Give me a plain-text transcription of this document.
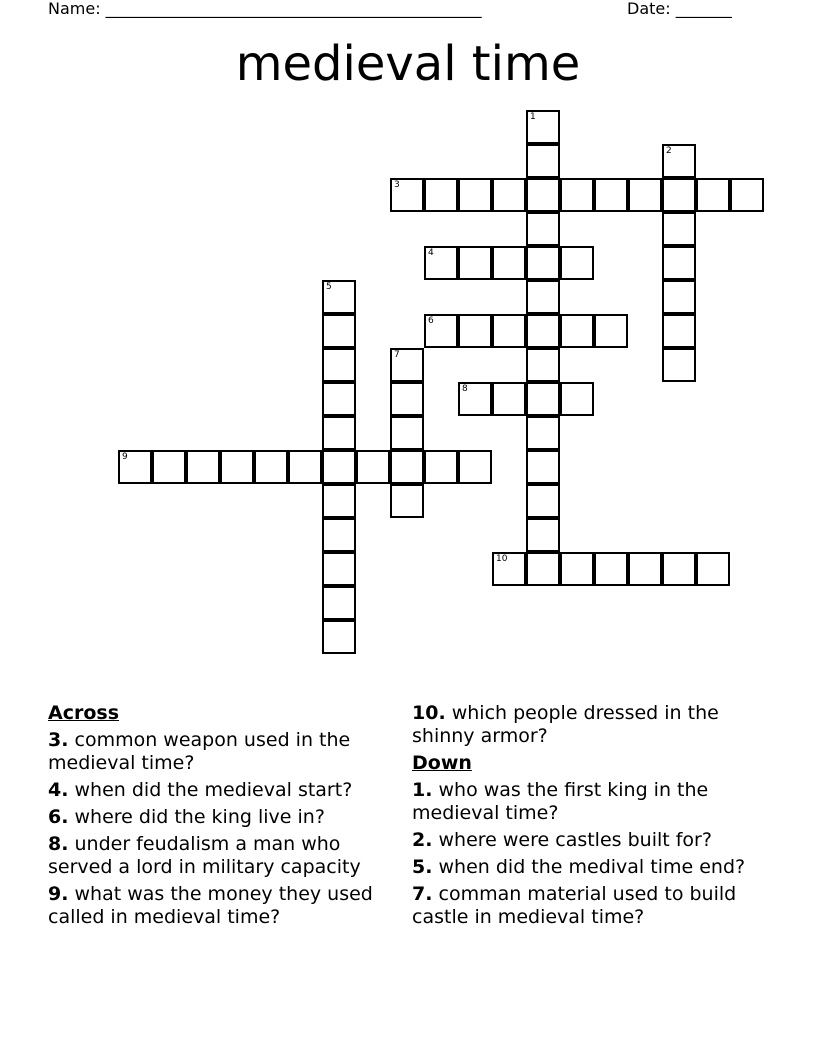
Name: _______________________________________________	Date: _______
medieval time
1
2
3
4
5
6
7
8
9
10
Across
3. common weapon used in the medieval time?
4. when did the medieval start?
6. where did the king live in?
8. under feudalism a man who served a lord in military capacity
9. what was the money they used called in medieval time?
10. which people dressed in the shinny armor?
Down
1. who was the first king in the medieval time?
2. where were castles built for?
5. when did the medival time end?
7. comman material used to build castle in medieval time?
